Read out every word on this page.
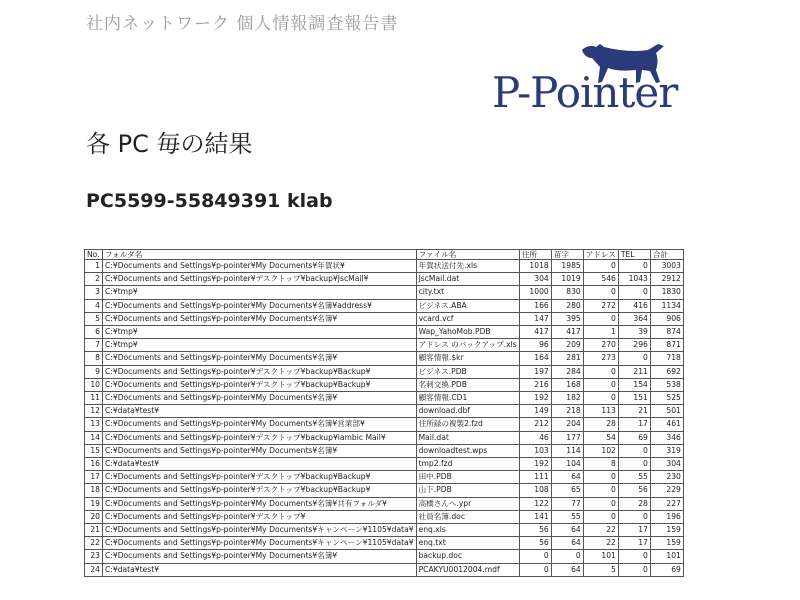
社内ネットワーク 個人情報調査報告書
P-Pointer
各 PC 毎の結果
PC5599-55849391 klab
No.	フォルダ名	ファイル名	住所	苗字	アドレス	TEL	合計
1	C:¥Documents and Settings¥p-pointer¥My Documents¥年賀状¥	年賀状送付先.xls	1018	1985	0	0	3003
2	C:¥Documents and Settings¥p-pointer¥デスクトップ¥backup¥JscMail¥	JscMail.dat	304	1019	546	1043	2912
3	C:¥tmp¥	city.txt	1000	830	0	0	1830
4	C:¥Documents and Settings¥p-pointer¥My Documents¥名簿¥address¥	ビジネス.ABA	166	280	272	416	1134
5	C:¥Documents and Settings¥p-pointer¥My Documents¥名簿¥	vcard.vcf	147	395	0	364	906
6	C:¥tmp¥	Wap_YahoMob.PDB	417	417	1	39	874
7	C:¥tmp¥	アドレス のバックアップ.xls	96	209	270	296	871
8	C:¥Documents and Settings¥p-pointer¥My Documents¥名簿¥	顧客情報.$kr	164	281	273	0	718
9	C:¥Documents and Settings¥p-pointer¥デスクトップ¥backup¥Backup¥	ビジネス.PDB	197	284	0	211	692
10	C:¥Documents and Settings¥p-pointer¥デスクトップ¥backup¥Backup¥	名刺交換.PDB	216	168	0	154	538
11	C:¥Documents and Settings¥p-pointer¥My Documents¥名簿¥	顧客情報.CD1	192	182	0	151	525
12	C:¥data¥test¥	download.dbf	149	218	113	21	501
13	C:¥Documents and Settings¥p-pointer¥My Documents¥名簿¥営業部¥	住所録の複製2.fzd	212	204	28	17	461
14	C:¥Documents and Settings¥p-pointer¥デスクトップ¥backup¥iambic Mail¥	Mail.dat	46	177	54	69	346
15	C:¥Documents and Settings¥p-pointer¥My Documents¥名簿¥	downloadtest.wps	103	114	102	0	319
16	C:¥data¥test¥	tmp2.fzd	192	104	8	0	304
17	C:¥Documents and Settings¥p-pointer¥デスクトップ¥backup¥Backup¥	田中.PDB	111	64	0	55	230
18	C:¥Documents and Settings¥p-pointer¥デスクトップ¥backup¥Backup¥	山下.PDB	108	65	0	56	229
19	C:¥Documents and Settings¥p-pointer¥My Documents¥名簿¥共有フォルダ¥	高橋さんへ.ypr	122	77	0	28	227
20	C:¥Documents and Settings¥p-pointer¥デスクトップ¥	社員名簿.doc	141	55	0	0	196
21	C:¥Documents and Settings¥p-pointer¥My Documents¥キャンペーン¥1105¥data¥	enq.xls	56	64	22	17	159
22	C:¥Documents and Settings¥p-pointer¥My Documents¥キャンペーン¥1105¥data¥	enq.txt	56	64	22	17	159
23	C:¥Documents and Settings¥p-pointer¥My Documents¥名簿¥	backup.doc	0	0	101	0	101
24	C:¥data¥test¥	PCAKYU0012004.mdf	0	64	5	0	69
